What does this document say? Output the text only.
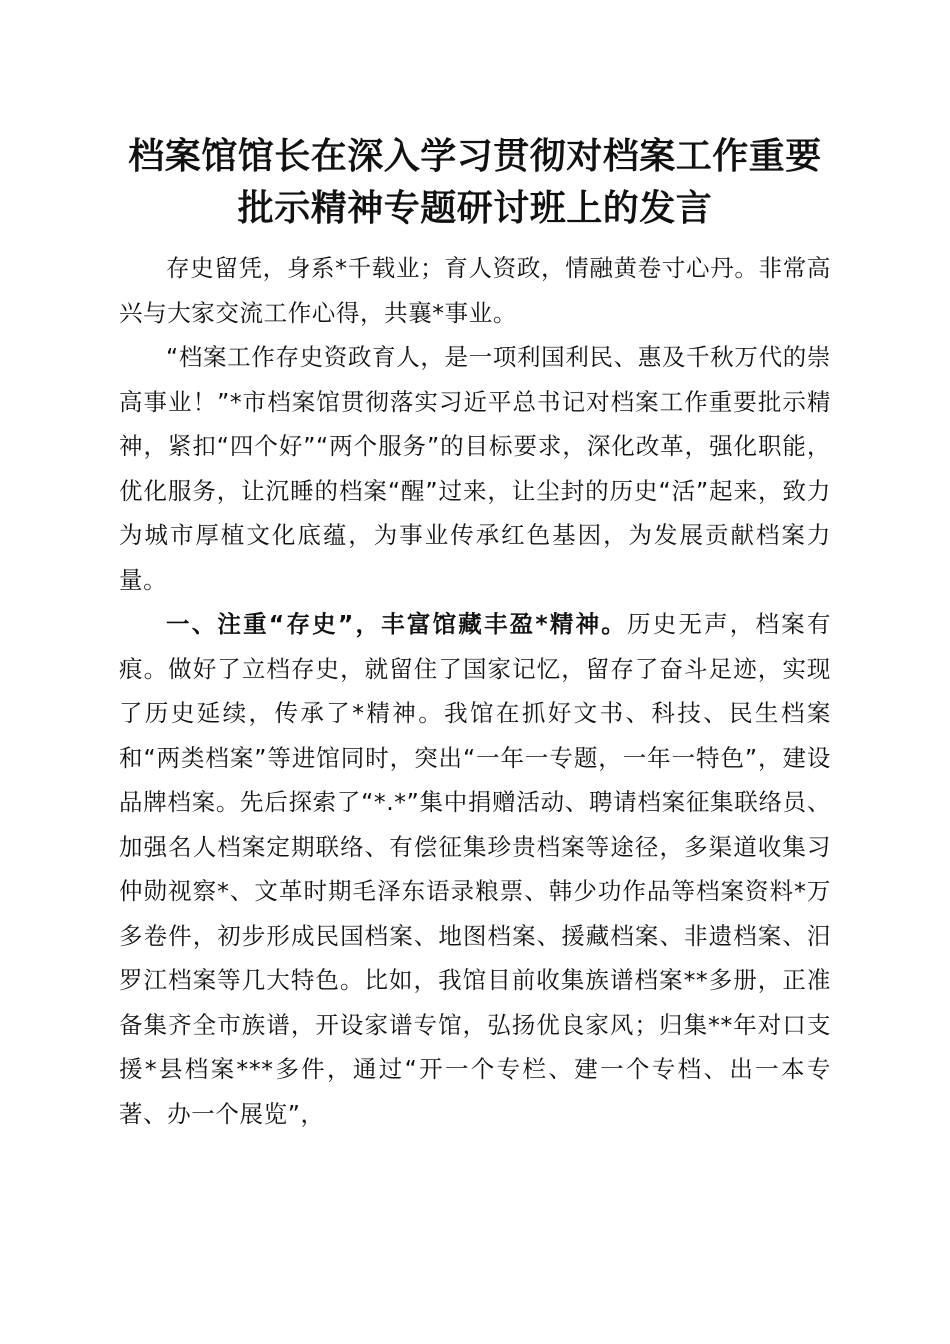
档案馆馆长在深入学习贯彻对档案工作重要批示精神专题研讨班上的发言

存史留凭，身系*千载业；育人资政，情融黄卷寸心丹。非常高兴与大家交流工作心得，共襄*事业。

“档案工作存史资政育人，是一项利国利民、惠及千秋万代的崇高事业！”*市档案馆贯彻落实习近平总书记对档案工作重要批示精神，紧扣“四个好”“两个服务”的目标要求，深化改革，强化职能，优化服务，让沉睡的档案“醒”过来，让尘封的历史“活”起来，致力为城市厚植文化底蕴，为事业传承红色基因，为发展贡献档案力量。

一、注重“存史”，丰富馆藏丰盈*精神。历史无声，档案有痕。做好了立档存史，就留住了国家记忆，留存了奋斗足迹，实现了历史延续，传承了*精神。我馆在抓好文书、科技、民生档案和“两类档案”等进馆同时，突出“一年一专题，一年一特色”，建设品牌档案。先后探索了“*.*”集中捐赠活动、聘请档案征集联络员、加强名人档案定期联络、有偿征集珍贵档案等途径，多渠道收集习仲勋视察*、文革时期毛泽东语录粮票、韩少功作品等档案资料*万多卷件，初步形成民国档案、地图档案、援藏档案、非遗档案、汨罗江档案等几大特色。比如，我馆目前收集族谱档案**多册，正准备集齐全市族谱，开设家谱专馆，弘扬优良家风；归集**年对口支援*县档案***多件，通过“开一个专栏、建一个专档、出一本专著、办一个展览”，
